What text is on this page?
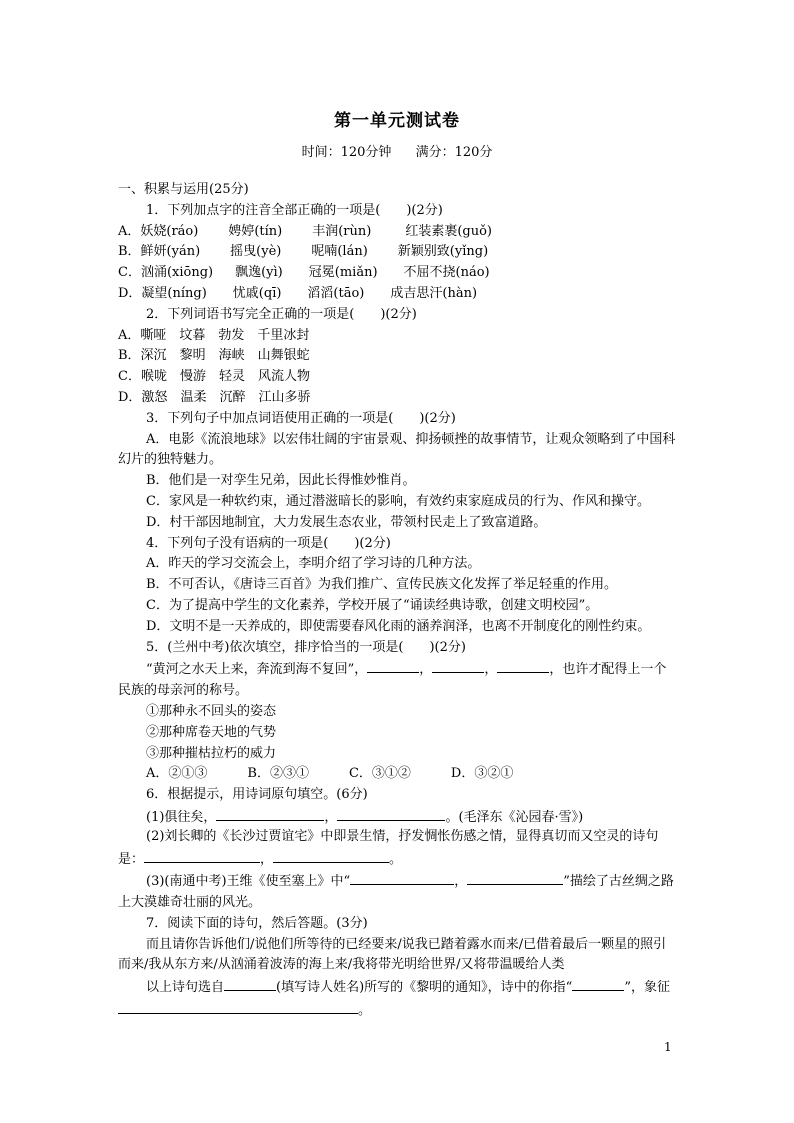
第一单元测试卷
时间：120分钟 满分：120分
一、积累与运用(25分)
1．下列加点字的注音全部正确的一项是(　　)(2分)
A．妖娆(ráo) 娉婷(tín) 丰润(rùn)	红装素裹(guǒ)
B．鲜妍(yán) 摇曳(yè) 呢喃(lán) 新颖别致(yǐng)
C．汹涌(xiōng) 飘逸(yì) 冠冕(miǎn) 不屈不挠(náo)
D．凝望(níng) 忧戚(qī) 滔滔(tāo) 成吉思汗(hàn)
2．下列词语书写完全正确的一项是(　　)(2分)
A．嘶哑 坟暮 勃发 千里冰封
B．深沉 黎明 海峡 山舞银蛇
C．喉咙 慢游 轻灵 风流人物
D．激怒 温柔 沉醉 江山多骄
3．下列句子中加点词语使用正确的一项是(　　)(2分)
A．电影《流浪地球》以宏伟壮阔的宇宙景观、抑扬顿挫的故事情节，让观众领略到了中国科幻片的独特魅力。
B．他们是一对孪生兄弟，因此长得惟妙惟肖。
C．家风是一种软约束，通过潜滋暗长的影响，有效约束家庭成员的行为、作风和操守。
D．村干部因地制宜，大力发展生态农业，带领村民走上了致富道路。
4．下列句子没有语病的一项是(　　)(2分)
A．昨天的学习交流会上，李明介绍了学习诗的几种方法。
B．不可否认，《唐诗三百首》为我们推广、宣传民族文化发挥了举足轻重的作用。
C．为了提高中学生的文化素养，学校开展了“诵读经典诗歌，创建文明校园”。
D．文明不是一天养成的，即使需要春风化雨的涵养润泽，也离不开制度化的刚性约束。
5．(兰州中考)依次填空，排序恰当的一项是(　　)(2分)
“黄河之水天上来，奔流到海不复回”，	，	，	，也许才配得上一个民族的母亲河的称号。
①那种永不回头的姿态
②那种席卷天地的气势
③那种摧枯拉朽的威力
A．②①③	B．②③①	C．③①②	D．③②①
6．根据提示，用诗词原句填空。(6分)
(1)俱往矣，	，	。(毛泽东《沁园春·雪》)
(2)刘长卿的《长沙过贾谊宅》中即景生情，抒发惆怅伤感之情，显得真切而又空灵的诗句是：	，	。
(3)(南通中考)王维《使至塞上》中“	，	”描绘了古丝绸之路上大漠雄奇壮丽的风光。
7．阅读下面的诗句，然后答题。(3分)
而且请你告诉他们/说他们所等待的已经要来/说我已踏着露水而来/已借着最后一颗星的照引而来/我从东方来/从汹涌着波涛的海上来/我将带光明给世界/又将带温暖给人类
以上诗句选自	(填写诗人姓名)所写的《黎明的通知》，诗中的你指“	”，象征。
1
